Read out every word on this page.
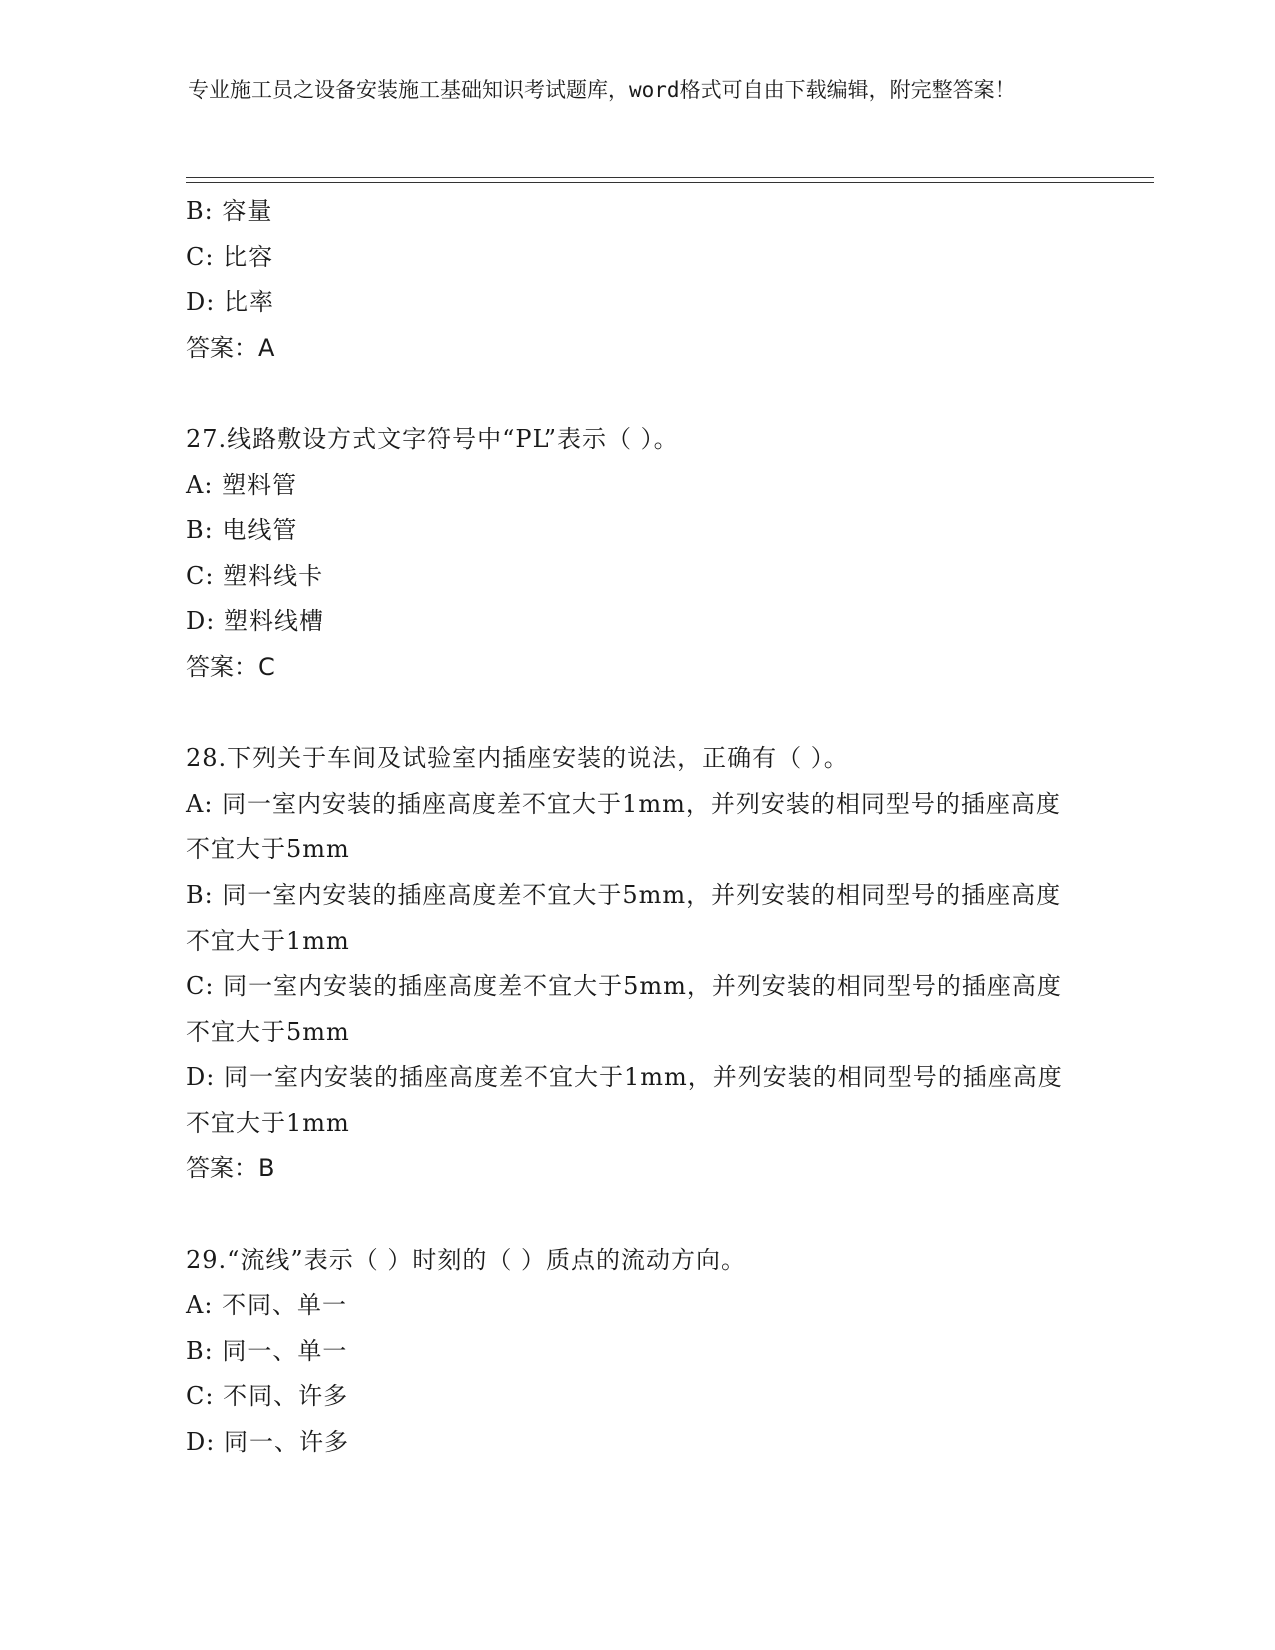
专业施工员之设备安装施工基础知识考试题库，word格式可自由下载编辑，附完整答案！
B: 容量
C: 比容
D: 比率
答案：A
27.线路敷设方式文字符号中“PL”表示（ ）。
A: 塑料管
B: 电线管
C: 塑料线卡
D: 塑料线槽
答案：C
28.下列关于车间及试验室内插座安装的说法，正确有（ ）。
A: 同一室内安装的插座高度差不宜大于1mm，并列安装的相同型号的插座高度不宜大于5mm
B: 同一室内安装的插座高度差不宜大于5mm，并列安装的相同型号的插座高度不宜大于1mm
C: 同一室内安装的插座高度差不宜大于5mm，并列安装的相同型号的插座高度不宜大于5mm
D: 同一室内安装的插座高度差不宜大于1mm，并列安装的相同型号的插座高度不宜大于1mm
答案：B
29.“流线”表示（ ）时刻的（ ）质点的流动方向。
A: 不同、单一
B: 同一、单一
C: 不同、许多
D: 同一、许多
